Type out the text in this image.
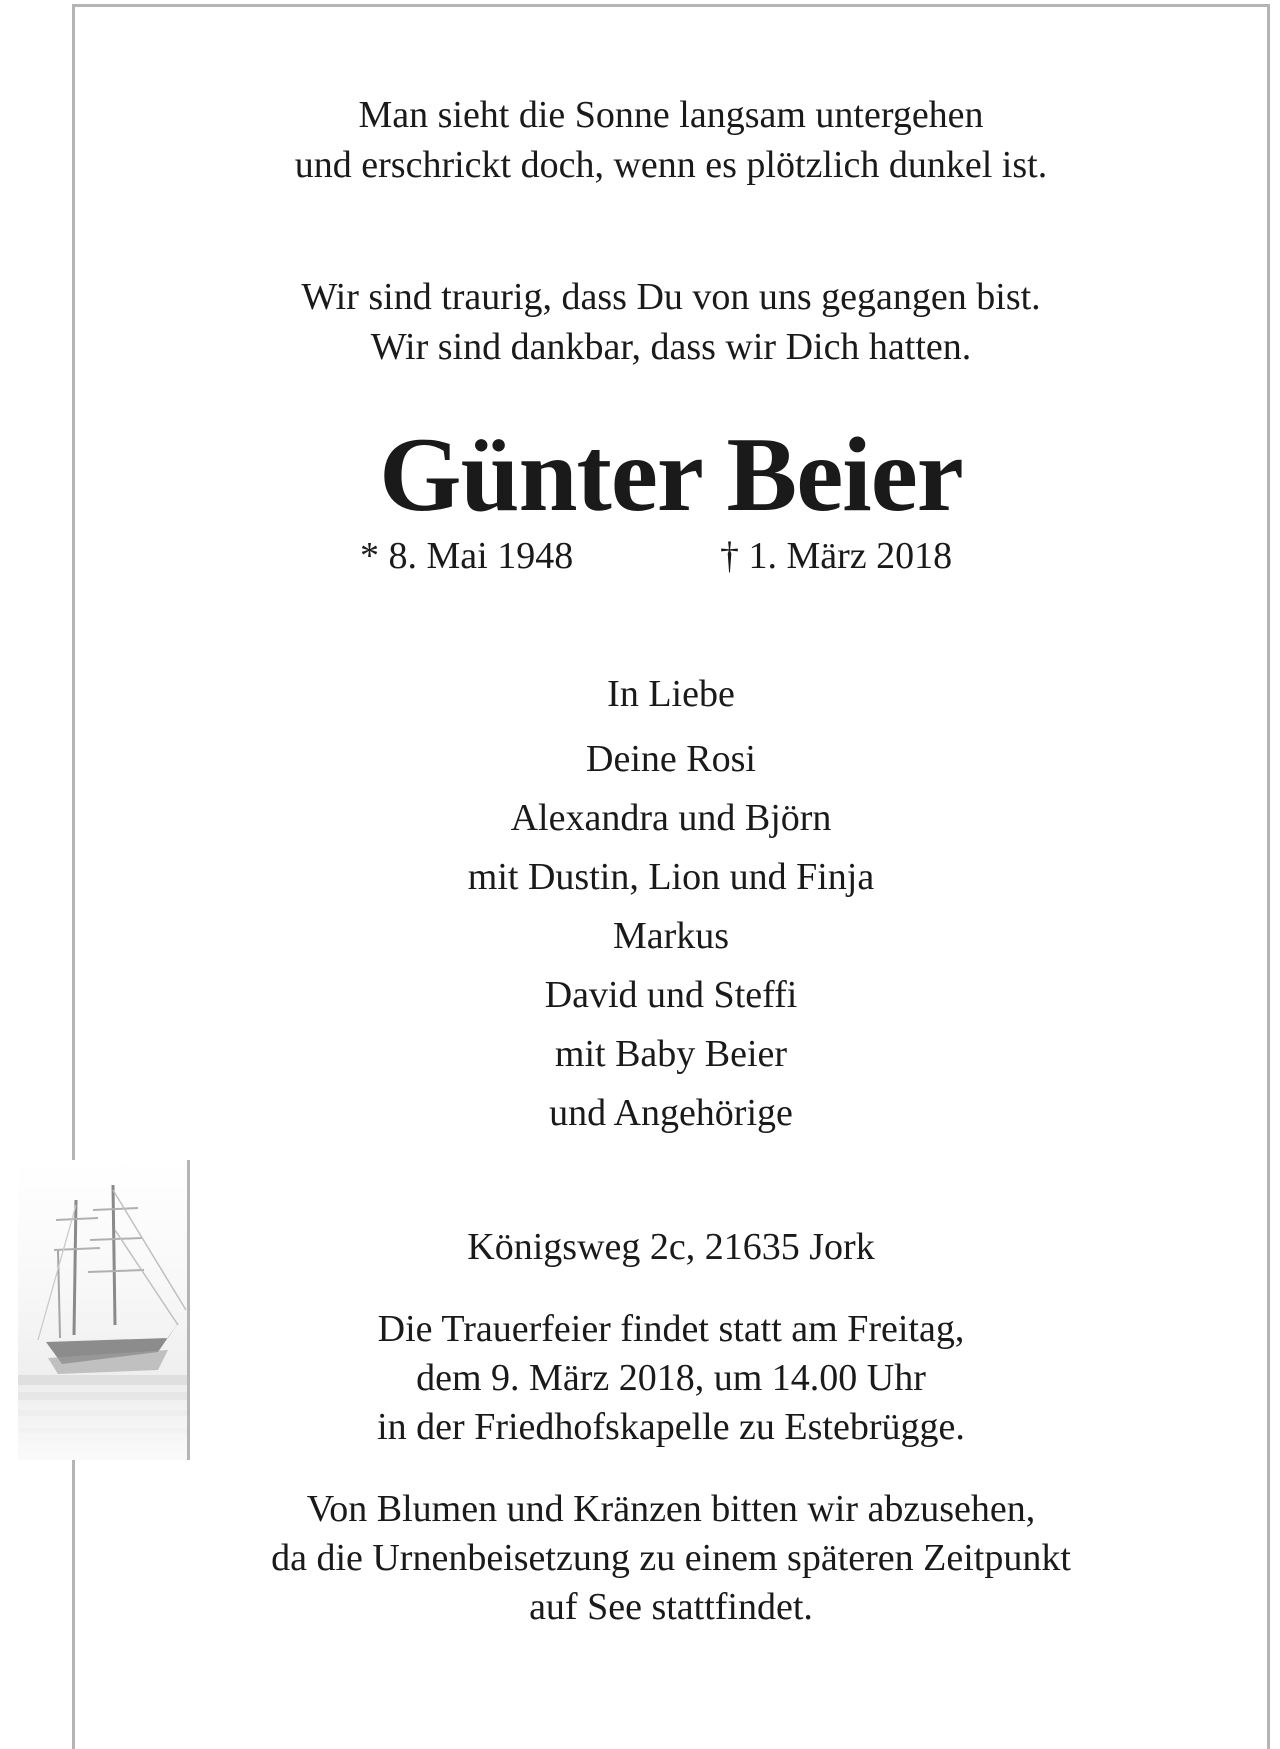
Man sieht die Sonne langsam untergehen

und erschrickt doch, wenn es plötzlich dunkel ist.

Wir sind traurig, dass Du von uns gegangen bist.

Wir sind dankbar, dass wir Dich hatten.

Günter Beier
* 8. Mai 1948	† 1. März 2018

In Liebe

Deine Rosi

Alexandra und Björn

mit Dustin, Lion und Finja

Markus

David und Steffi

mit Baby Beier

und Angehörige

Königsweg 2c, 21635 Jork

Die Trauerfeier findet statt am Freitag,

dem 9. März 2018, um 14.00 Uhr

in der Friedhofskapelle zu Estebrügge.

Von Blumen und Kränzen bitten wir abzusehen,

da die Urnenbeisetzung zu einem späteren Zeitpunkt

auf See stattfindet.
